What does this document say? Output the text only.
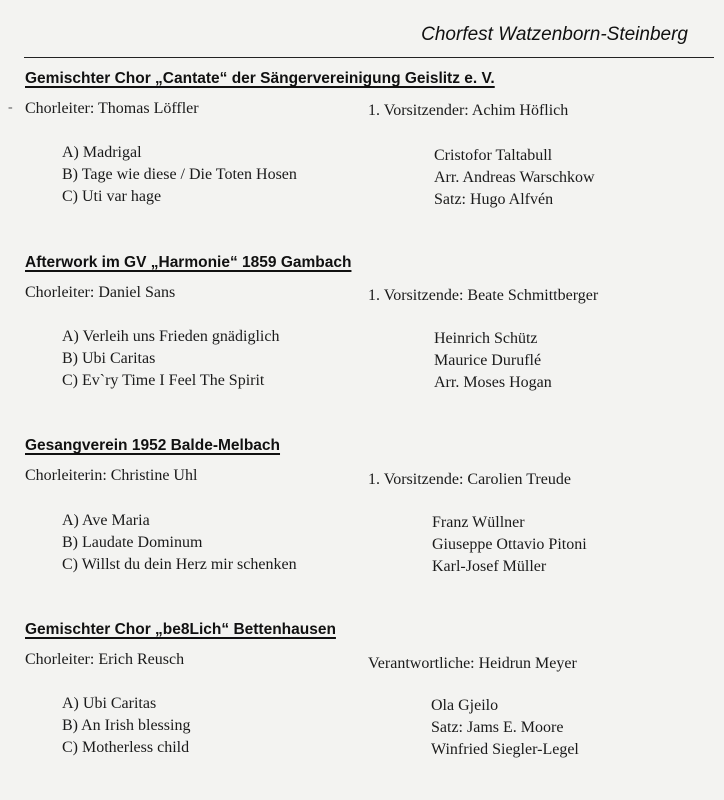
Chorfest Watzenborn-Steinberg
-
Gemischter Chor „Cantate“ der Sängervereinigung Geislitz e. V.
Chorleiter: Thomas Löffler	1. Vorsitzender: Achim Höflich
A) Madrigal
B) Tage wie diese / Die Toten Hosen
C) Uti var hage
Cristofor Taltabull
Arr. Andreas Warschkow
Satz: Hugo Alfvén
Afterwork im GV „Harmonie“ 1859 Gambach
Chorleiter: Daniel Sans	1. Vorsitzende: Beate Schmittberger
A) Verleih uns Frieden gnädiglich
B) Ubi Caritas
C) Ev`ry Time I Feel The Spirit
Heinrich Schütz
Maurice Duruflé
Arr. Moses Hogan
Gesangverein 1952 Balde-Melbach
Chorleiterin: Christine Uhl	1. Vorsitzende: Carolien Treude
A) Ave Maria
B) Laudate Dominum
C) Willst du dein Herz mir schenken
Franz Wüllner
Giuseppe Ottavio Pitoni
Karl-Josef Müller
Gemischter Chor „be8Lich“ Bettenhausen
Chorleiter: Erich Reusch	Verantwortliche: Heidrun Meyer
A) Ubi Caritas
B) An Irish blessing
C) Motherless child
Ola Gjeilo
Satz: Jams E. Moore
Winfried Siegler-Legel
